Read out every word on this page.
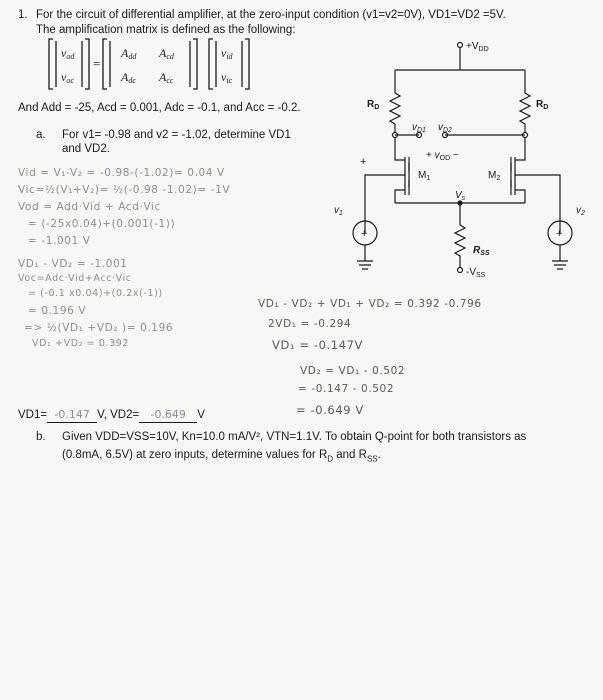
1. For the circuit of differential amplifier, at the zero-input condition (v1=v2=0V), VD1=VD2 =5V.
The amplification matrix is defined as the following:
=
vod
voc
Add Acd
Adc Acc
vid
vic
And Add = -25, Acd = 0.001, Adc = -0.1, and Acc = -0.2.
a. For v1= -0.98 and v2 = -1.02, determine VD1
and VD2.
Vid = V₁-V₂ = -0.98-(-1.02)= 0.04 V
Vic=½(V₁+V₂)= ½(-0.98 -1.02)= -1V
Vod = Add·Vid + Acd·Vic
= (-25x0.04)+(0.001(-1))
= -1.001 V
VD₁ - VD₂ = -1.001
Voc=Adc·Vid+Acc·Vic
= (-0.1 x0.04)+(0.2x(-1))
= 0.196 V
=> ½(VD₁ +VD₂ )= 0.196
VD₁ +VD₂ = 0.392
VD₁ - VD₂ + VD₁ + VD₂ = 0.392 -0.796
2VD₁ = -0.294
VD₁ = -0.147V
VD₂ = VD₁ - 0.502
= -0.147 - 0.502
= -0.649 V
VD1= -0.147 V, VD2= -0.649 V
b. Given VDD=VSS=10V, Kn=10.0 mA/V², VTN=1.1V. To obtain Q-point for both transistors as
(0.8mA, 6.5V) at zero inputs, determine values for $R_D$ and $R_{SS}$.
$+V_{DD}$
$R_D$	$R_D$
$v_{D1}$ $v_{D2}$
+ $v_{OD}$ −
$M_1$	$M_2$
$V_s$
$v_1$	$v_2$
+
+	+
$R_{SS}$
$-V_{SS}$
